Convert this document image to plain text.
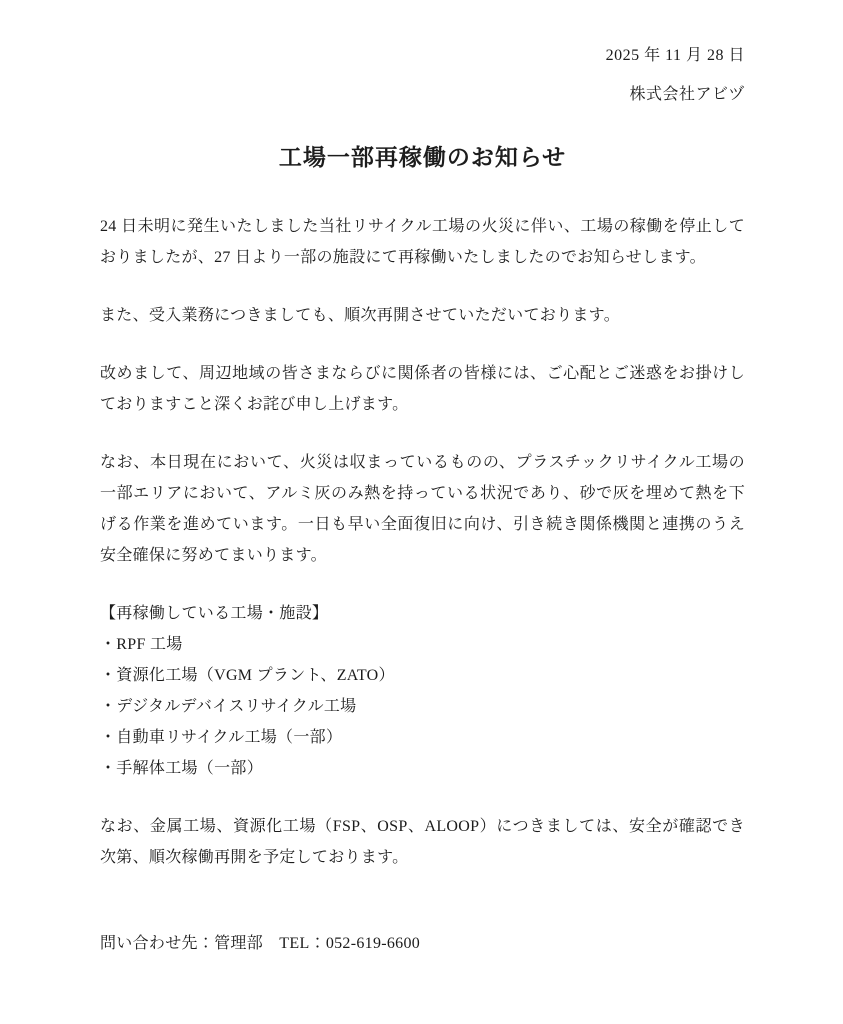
2025 年 11 月 28 日
株式会社アビヅ
工場一部再稼働のお知らせ

24 日未明に発生いたしました当社リサイクル工場の火災に伴い、工場の稼働を停止しておりましたが、27 日より一部の施設にて再稼働いたしましたのでお知らせします。

また、受入業務につきましても、順次再開させていただいております。

改めまして、周辺地域の皆さまならびに関係者の皆様には、ご心配とご迷惑をお掛けしておりますこと深くお詫び申し上げます。

なお、本日現在において、火災は収まっているものの、プラスチックリサイクル工場の一部エリアにおいて、アルミ灰のみ熱を持っている状況であり、砂で灰を埋めて熱を下げる作業を進めています。一日も早い全面復旧に向け、引き続き関係機関と連携のうえ安全確保に努めてまいります。

【再稼働している工場・施設】
・RPF 工場
・資源化工場（VGM プラント、ZATO）
・デジタルデバイスリサイクル工場
・自動車リサイクル工場（一部）
・手解体工場（一部）

なお、金属工場、資源化工場（FSP、OSP、ALOOP）につきましては、安全が確認でき次第、順次稼働再開を予定しております。

問い合わせ先：管理部　TEL：052-619-6600
